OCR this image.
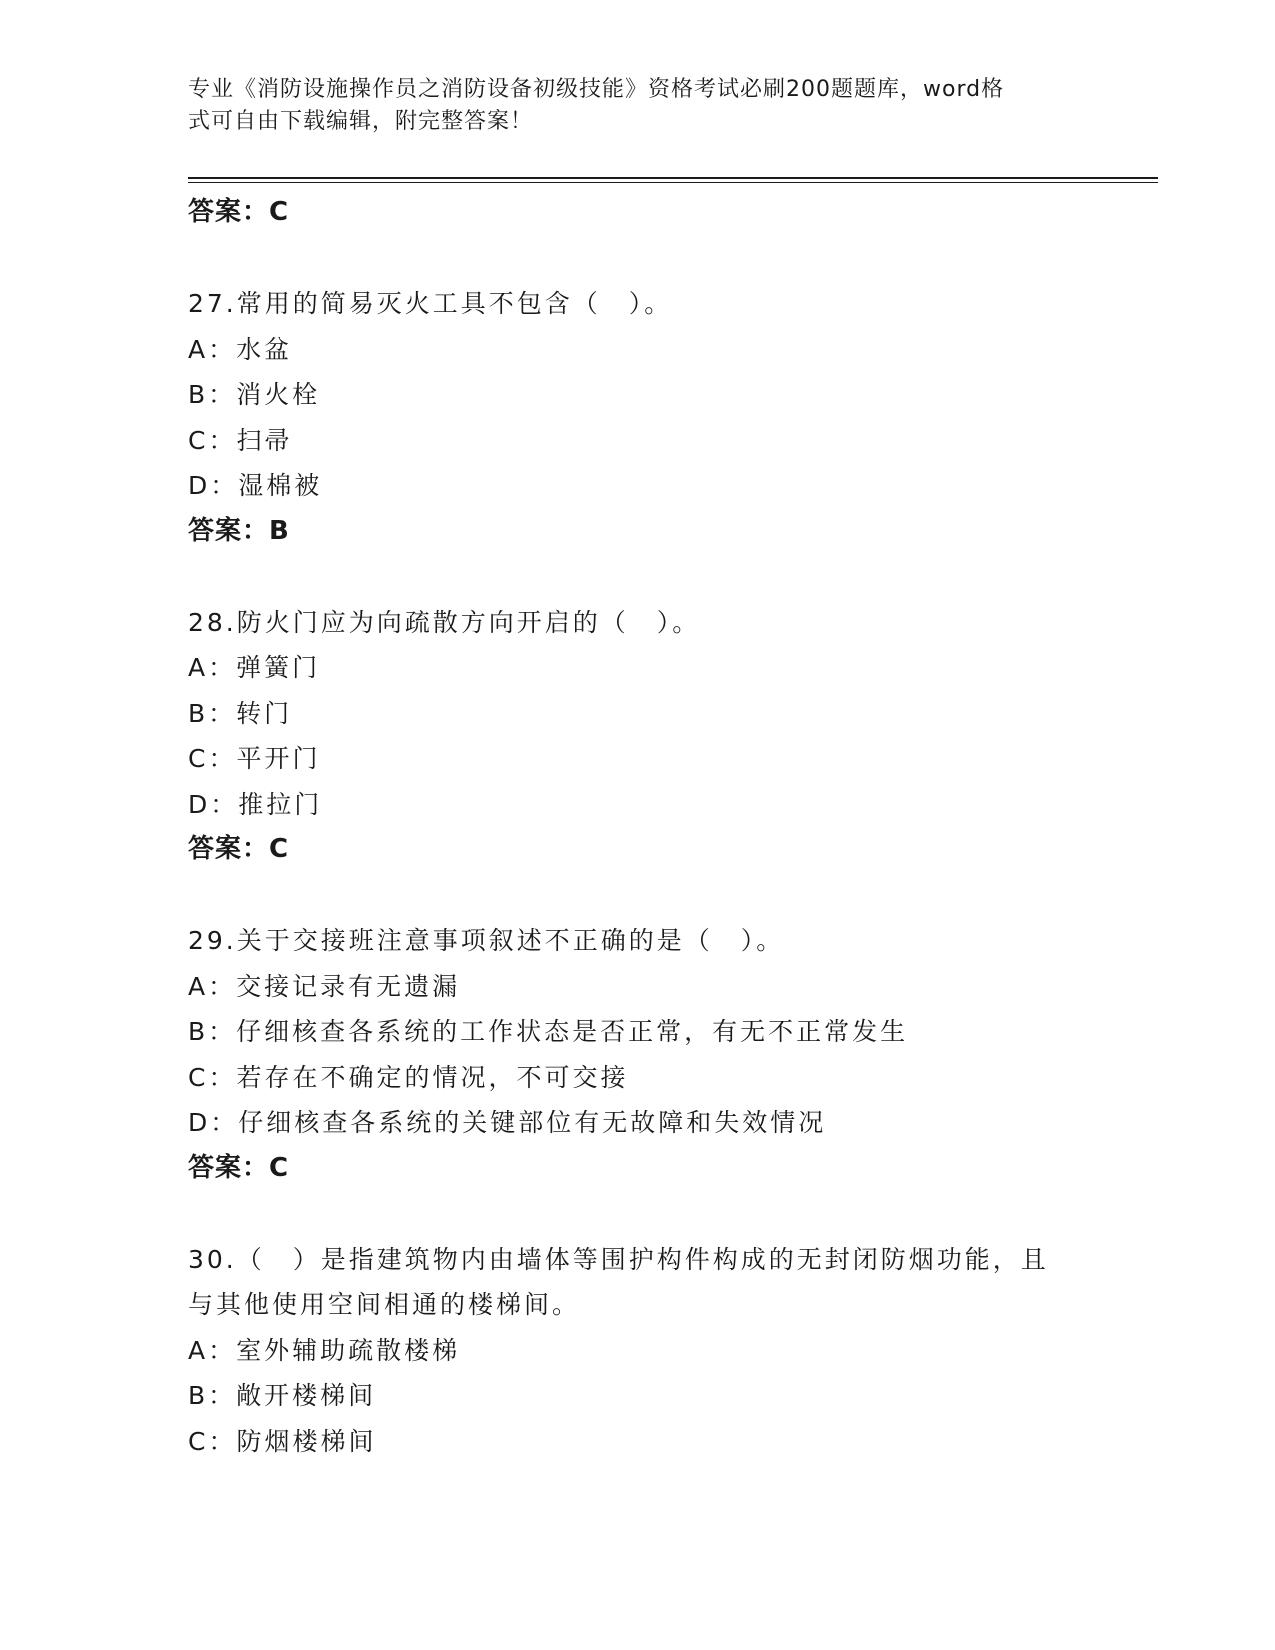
专业《消防设施操作员之消防设备初级技能》资格考试必刷200题题库，word格
式可自由下载编辑，附完整答案！
答案：C
27.常用的简易灭火工具不包含（　）。
A：水盆
B：消火栓
C：扫帚
D：湿棉被
答案：B
28.防火门应为向疏散方向开启的（　）。
A：弹簧门
B：转门
C：平开门
D：推拉门
答案：C
29.关于交接班注意事项叙述不正确的是（　）。
A：交接记录有无遗漏
B：仔细核查各系统的工作状态是否正常，有无不正常发生
C：若存在不确定的情况，不可交接
D：仔细核查各系统的关键部位有无故障和失效情况
答案：C
30.（　）是指建筑物内由墙体等围护构件构成的无封闭防烟功能，且
与其他使用空间相通的楼梯间。
A：室外辅助疏散楼梯
B：敞开楼梯间
C：防烟楼梯间
